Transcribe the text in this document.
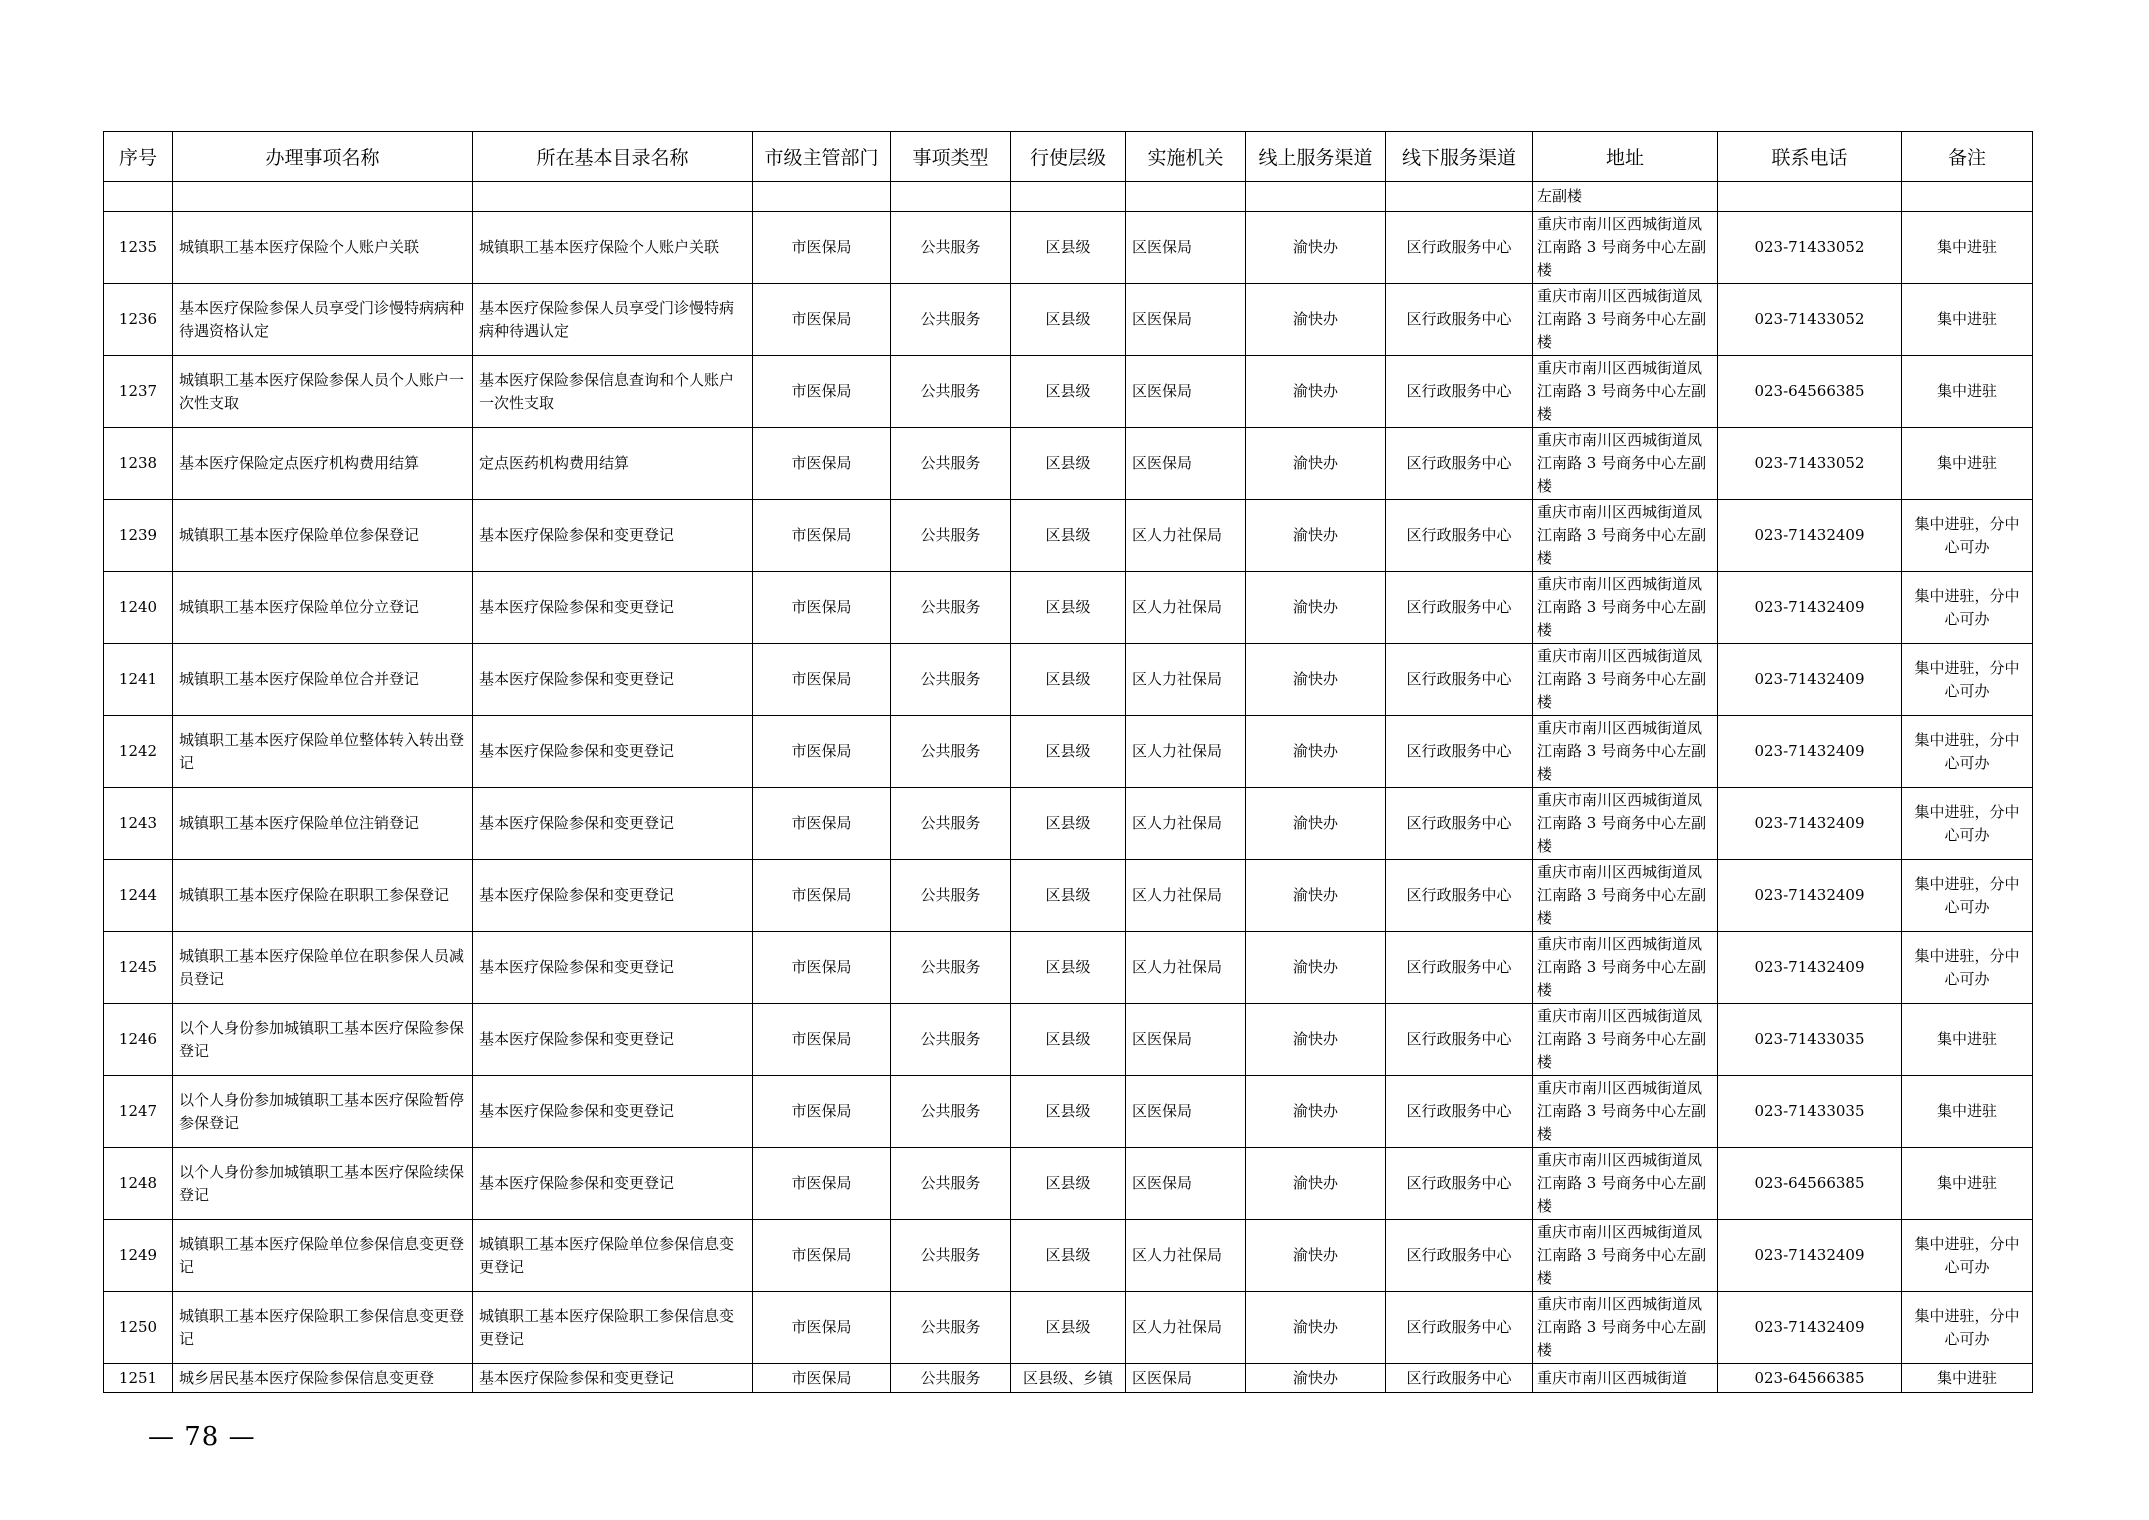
序号	办理事项名称	所在基本目录名称	市级主管部门	事项类型	行使层级	实施机关	线上服务渠道	线下服务渠道	地址	联系电话	备注
									左副楼		
1235	城镇职工基本医疗保险个人账户关联	城镇职工基本医疗保险个人账户关联	市医保局	公共服务	区县级	区医保局	渝快办	区行政服务中心	重庆市南川区西城街道凤江南路 3 号商务中心左副楼	023-71433052	集中进驻
1236	基本医疗保险参保人员享受门诊慢特病病种待遇资格认定	基本医疗保险参保人员享受门诊慢特病病种待遇认定	市医保局	公共服务	区县级	区医保局	渝快办	区行政服务中心	重庆市南川区西城街道凤江南路 3 号商务中心左副楼	023-71433052	集中进驻
1237	城镇职工基本医疗保险参保人员个人账户一次性支取	基本医疗保险参保信息查询和个人账户一次性支取	市医保局	公共服务	区县级	区医保局	渝快办	区行政服务中心	重庆市南川区西城街道凤江南路 3 号商务中心左副楼	023-64566385	集中进驻
1238	基本医疗保险定点医疗机构费用结算	定点医药机构费用结算	市医保局	公共服务	区县级	区医保局	渝快办	区行政服务中心	重庆市南川区西城街道凤江南路 3 号商务中心左副楼	023-71433052	集中进驻
1239	城镇职工基本医疗保险单位参保登记	基本医疗保险参保和变更登记	市医保局	公共服务	区县级	区人力社保局	渝快办	区行政服务中心	重庆市南川区西城街道凤江南路 3 号商务中心左副楼	023-71432409	集中进驻，分中心可办
1240	城镇职工基本医疗保险单位分立登记	基本医疗保险参保和变更登记	市医保局	公共服务	区县级	区人力社保局	渝快办	区行政服务中心	重庆市南川区西城街道凤江南路 3 号商务中心左副楼	023-71432409	集中进驻，分中心可办
1241	城镇职工基本医疗保险单位合并登记	基本医疗保险参保和变更登记	市医保局	公共服务	区县级	区人力社保局	渝快办	区行政服务中心	重庆市南川区西城街道凤江南路 3 号商务中心左副楼	023-71432409	集中进驻，分中心可办
1242	城镇职工基本医疗保险单位整体转入转出登记	基本医疗保险参保和变更登记	市医保局	公共服务	区县级	区人力社保局	渝快办	区行政服务中心	重庆市南川区西城街道凤江南路 3 号商务中心左副楼	023-71432409	集中进驻，分中心可办
1243	城镇职工基本医疗保险单位注销登记	基本医疗保险参保和变更登记	市医保局	公共服务	区县级	区人力社保局	渝快办	区行政服务中心	重庆市南川区西城街道凤江南路 3 号商务中心左副楼	023-71432409	集中进驻，分中心可办
1244	城镇职工基本医疗保险在职职工参保登记	基本医疗保险参保和变更登记	市医保局	公共服务	区县级	区人力社保局	渝快办	区行政服务中心	重庆市南川区西城街道凤江南路 3 号商务中心左副楼	023-71432409	集中进驻，分中心可办
1245	城镇职工基本医疗保险单位在职参保人员减员登记	基本医疗保险参保和变更登记	市医保局	公共服务	区县级	区人力社保局	渝快办	区行政服务中心	重庆市南川区西城街道凤江南路 3 号商务中心左副楼	023-71432409	集中进驻，分中心可办
1246	以个人身份参加城镇职工基本医疗保险参保登记	基本医疗保险参保和变更登记	市医保局	公共服务	区县级	区医保局	渝快办	区行政服务中心	重庆市南川区西城街道凤江南路 3 号商务中心左副楼	023-71433035	集中进驻
1247	以个人身份参加城镇职工基本医疗保险暂停参保登记	基本医疗保险参保和变更登记	市医保局	公共服务	区县级	区医保局	渝快办	区行政服务中心	重庆市南川区西城街道凤江南路 3 号商务中心左副楼	023-71433035	集中进驻
1248	以个人身份参加城镇职工基本医疗保险续保登记	基本医疗保险参保和变更登记	市医保局	公共服务	区县级	区医保局	渝快办	区行政服务中心	重庆市南川区西城街道凤江南路 3 号商务中心左副楼	023-64566385	集中进驻
1249	城镇职工基本医疗保险单位参保信息变更登记	城镇职工基本医疗保险单位参保信息变更登记	市医保局	公共服务	区县级	区人力社保局	渝快办	区行政服务中心	重庆市南川区西城街道凤江南路 3 号商务中心左副楼	023-71432409	集中进驻，分中心可办
1250	城镇职工基本医疗保险职工参保信息变更登记	城镇职工基本医疗保险职工参保信息变更登记	市医保局	公共服务	区县级	区人力社保局	渝快办	区行政服务中心	重庆市南川区西城街道凤江南路 3 号商务中心左副楼	023-71432409	集中进驻，分中心可办
1251	城乡居民基本医疗保险参保信息变更登	基本医疗保险参保和变更登记	市医保局	公共服务	区县级、乡镇	区医保局	渝快办	区行政服务中心	重庆市南川区西城街道	023-64566385	集中进驻
— 78 —
